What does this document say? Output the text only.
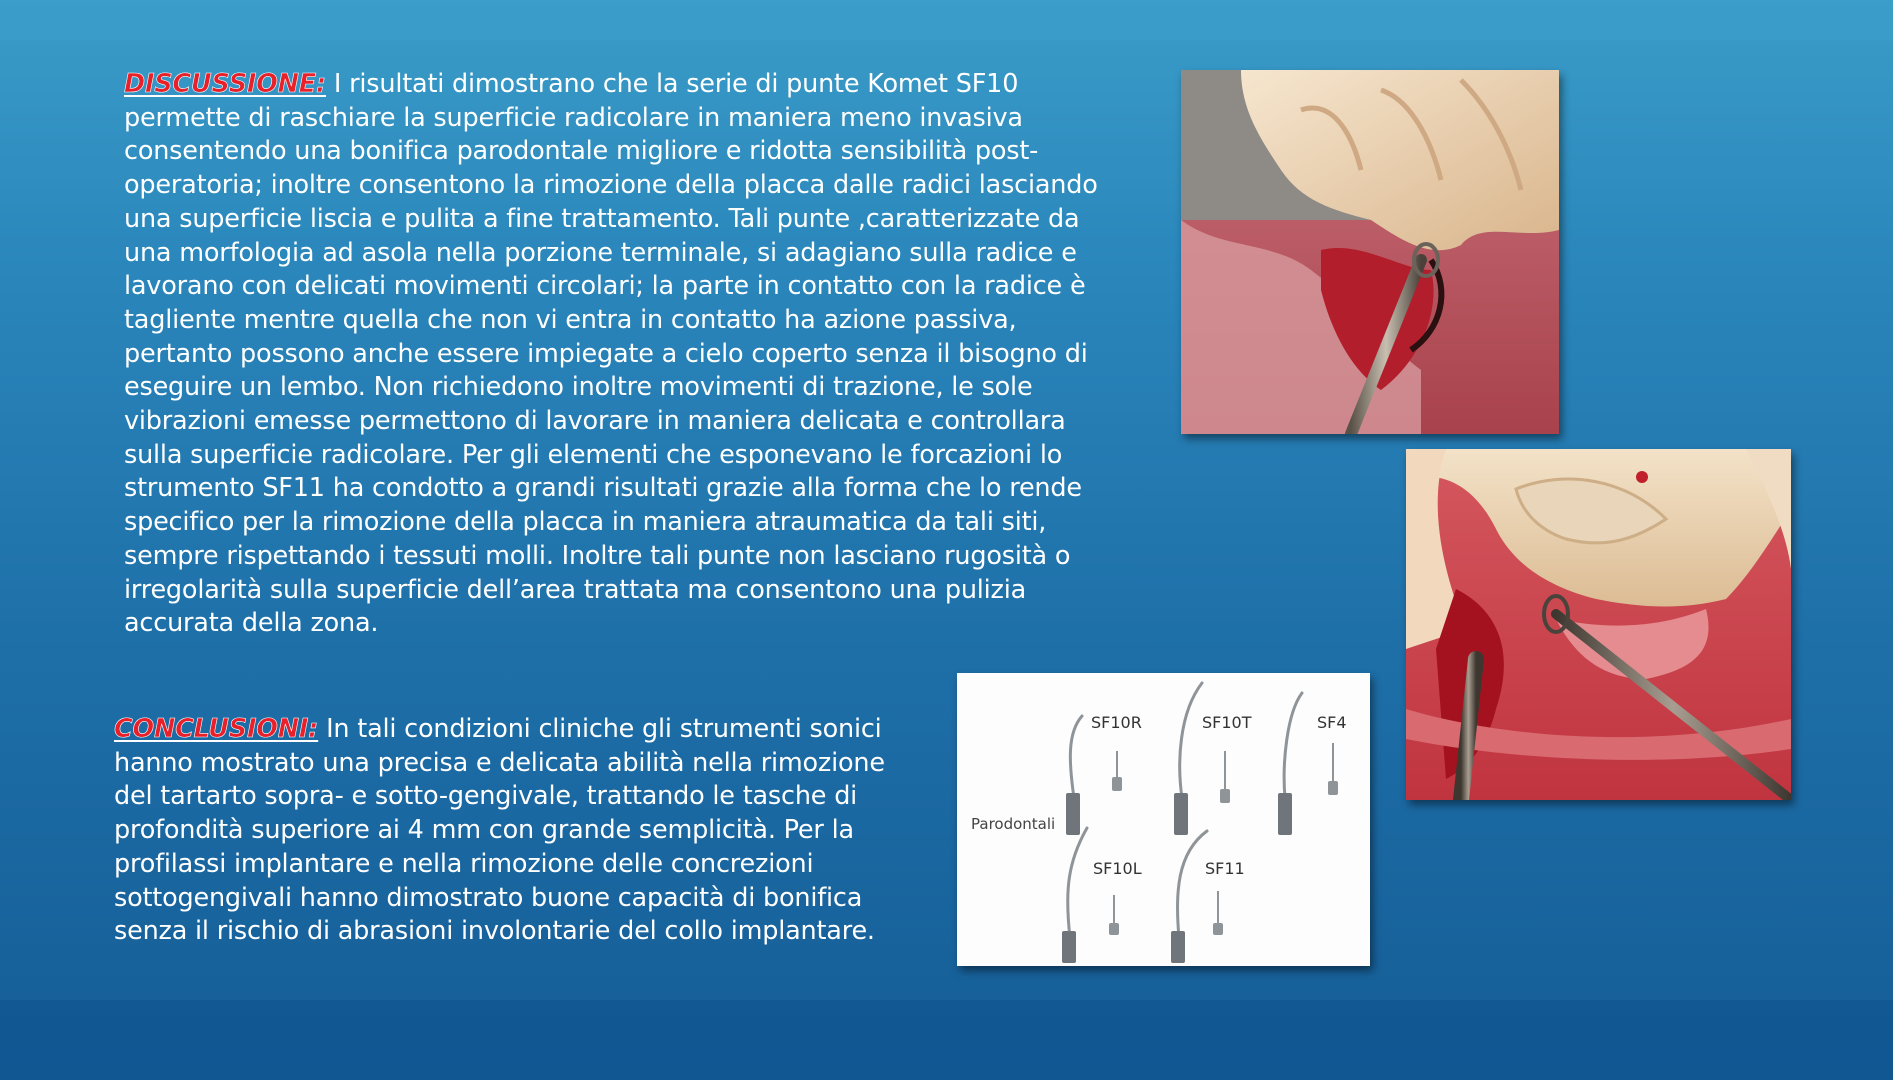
DISCUSSIONE: I risultati dimostrano che la serie di punte Komet SF10 permette di raschiare la superficie radicolare in maniera meno invasiva consentendo una bonifica parodontale migliore e ridotta sensibilità post-operatoria; inoltre consentono la rimozione della placca dalle radici lasciando una superficie liscia e pulita a fine trattamento. Tali punte ,caratterizzate da una morfologia ad asola nella porzione terminale, si adagiano sulla radice e lavorano con delicati movimenti circolari; la parte in contatto con la radice è tagliente mentre quella che non vi entra in contatto ha azione passiva, pertanto possono anche essere impiegate a cielo coperto senza il bisogno di eseguire un lembo. Non richiedono inoltre movimenti di trazione, le sole vibrazioni emesse permettono di lavorare in maniera delicata e controllara sulla superficie radicolare. Per gli elementi che esponevano le forcazioni lo strumento SF11 ha condotto a grandi risultati grazie alla forma che lo rende specifico per la rimozione della placca in maniera atraumatica da tali siti, sempre rispettando i tessuti molli. Inoltre tali punte non lasciano rugosità o irregolarità sulla superficie dell’area trattata ma consentono una pulizia accurata della zona.
CONCLUSIONI: In tali condizioni cliniche gli strumenti sonici hanno mostrato una precisa e delicata abilità nella rimozione del tartarto sopra- e sotto-gengivale, trattando le tasche di profondità superiore ai 4 mm con grande semplicità. Per la profilassi implantare e nella rimozione delle concrezioni sottogengivali hanno dimostrato buone capacità di bonifica senza il rischio di abrasioni involontarie del collo implantare.
SF10R	SF10T	SF4
SF10L	SF11
Parodontali
